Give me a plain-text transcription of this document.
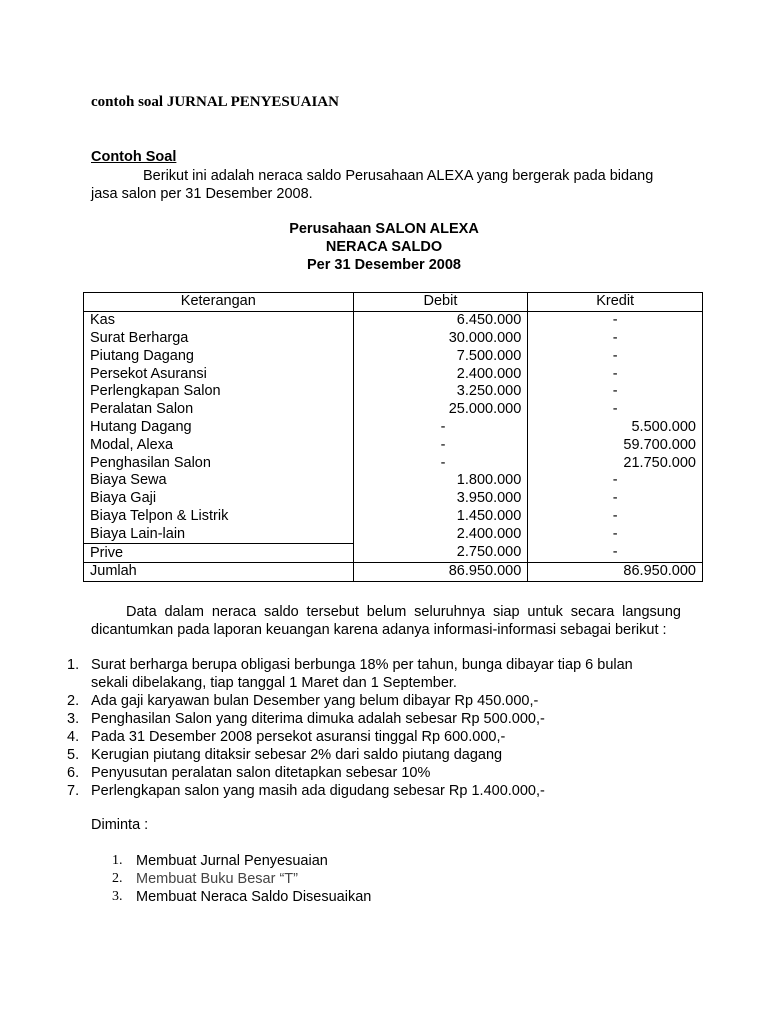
contoh soal JURNAL PENYESUAIAN
Contoh Soal
Berikut ini adalah neraca saldo Perusahaan ALEXA yang bergerak pada bidang
jasa salon per 31 Desember 2008.
Perusahaan SALON ALEXA
NERACA SALDO
Per 31 Desember 2008
Keterangan	Debit	Kredit
Kas	6.450.000	-
Surat Berharga	30.000.000	-
Piutang Dagang	7.500.000	-
Persekot Asuransi	2.400.000	-
Perlengkapan Salon	3.250.000	-
Peralatan Salon	25.000.000	-
Hutang Dagang	-	5.500.000
Modal, Alexa	-	59.700.000
Penghasilan Salon	-	21.750.000
Biaya Sewa	1.800.000	-
Biaya Gaji	3.950.000	-
Biaya Telpon & Listrik	1.450.000	-
Biaya Lain-lain	2.400.000	-
Prive	2.750.000	-
Jumlah	86.950.000	86.950.000
Data dalam neraca saldo tersebut belum seluruhnya siap untuk secara langsung dicantumkan pada laporan keuangan karena adanya informasi-informasi sebagai berikut :
1. Surat berharga berupa obligasi berbunga 18% per tahun, bunga dibayar tiap 6 bulan
sekali dibelakang, tiap tanggal 1 Maret dan 1 September.
2. Ada gaji karyawan bulan Desember yang belum dibayar Rp 450.000,-
3. Penghasilan Salon yang diterima dimuka adalah sebesar Rp 500.000,-
4. Pada 31 Desember 2008 persekot asuransi tinggal Rp 600.000,-
5. Kerugian piutang ditaksir sebesar 2% dari saldo piutang dagang
6. Penyusutan peralatan salon ditetapkan sebesar 10%
7. Perlengkapan salon yang masih ada digudang sebesar Rp 1.400.000,-
Diminta :
1. Membuat Jurnal Penyesuaian
2. Membuat Buku Besar “T”
3. Membuat Neraca Saldo Disesuaikan
